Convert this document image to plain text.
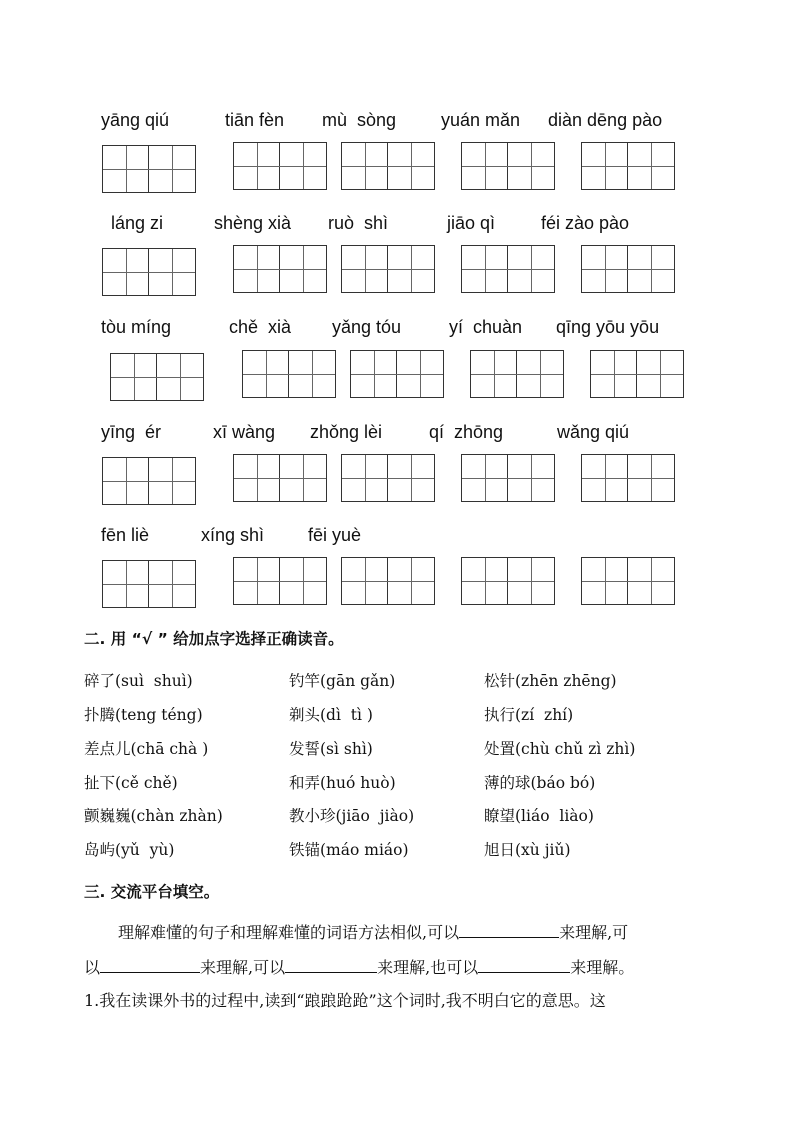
yāng qiú	tiān fèn mù  sòng yuán mǎn diàn dēng pào
láng zi	shèng xià ruò  shì	jiāo qì	féi zào pào
tòu míng	chě  xià yǎng tóu	yí  chuàn qīng yōu yōu
yīng  ér	xī wàng zhǒng lèi	qí  zhōng	wǎng qiú
fēn liè	xíng shì fēi yuè
二. 用 “√ ” 给加点字选择正确读音。
碎了(suì  shuì)	钓竿(gān gǎn)	松针(zhēn zhēng)
扑腾(teng téng)	剃头(dì  tì )	执行(zí  zhí)
差点儿(chā chà )	发誓(sì shì)	处置(chù chǔ zì zhì)
扯下(cě chě)	和弄(huó huò)	薄的球(báo bó)
颤巍巍(chàn zhàn)	教小珍(jiāo  jiào)	瞭望(liáo  liào)
岛屿(yǔ  yù)	铁锚(máo miáo)	旭日(xù jiǔ)
三. 交流平台填空。
理解难懂的句子和理解难懂的词语方法相似,可以	来理解,可
以	来理解,可以	来理解,也可以	来理解。
1.我在读课外书的过程中,读到“踉踉跄跄”这个词时,我不明白它的意思。这
